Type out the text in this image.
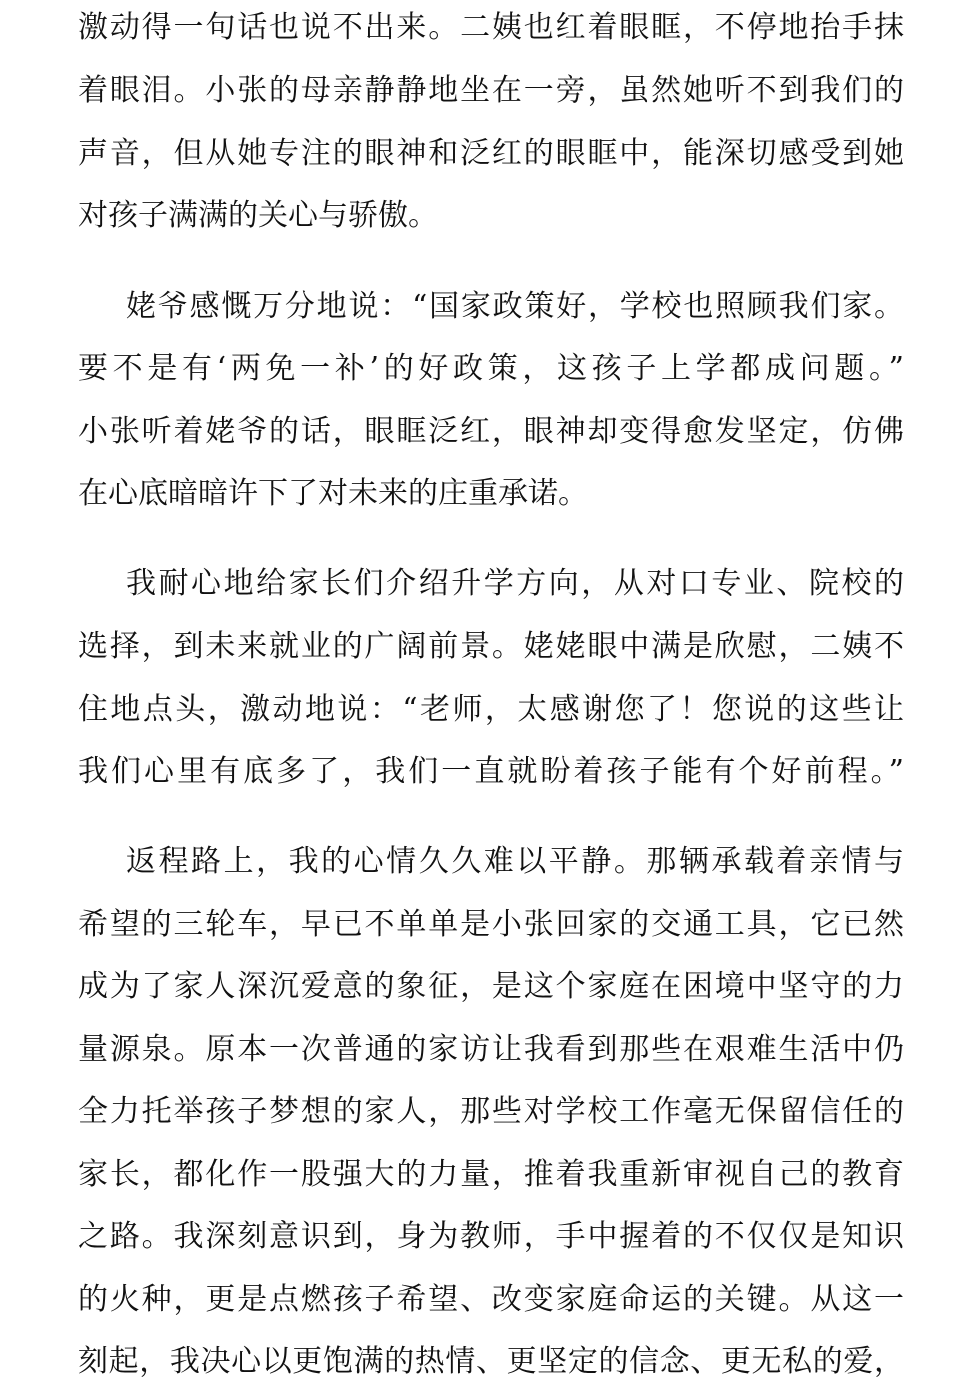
激动得一句话也说不出来。二姨也红着眼眶，不停地抬手抹
着眼泪。小张的母亲静静地坐在一旁，虽然她听不到我们的
声音，但从她专注的眼神和泛红的眼眶中，能深切感受到她
对孩子满满的关心与骄傲。
姥爷感慨万分地说：“国家政策好，学校也照顾我们家。
要不是有‘两免一补’的好政策，这孩子上学都成问题。”
小张听着姥爷的话，眼眶泛红，眼神却变得愈发坚定，仿佛
在心底暗暗许下了对未来的庄重承诺。
我耐心地给家长们介绍升学方向，从对口专业、院校的
选择，到未来就业的广阔前景。姥姥眼中满是欣慰，二姨不
住地点头，激动地说：“老师，太感谢您了！您说的这些让
我们心里有底多了，我们一直就盼着孩子能有个好前程。”
返程路上，我的心情久久难以平静。那辆承载着亲情与
希望的三轮车，早已不单单是小张回家的交通工具，它已然
成为了家人深沉爱意的象征，是这个家庭在困境中坚守的力
量源泉。原本一次普通的家访让我看到那些在艰难生活中仍
全力托举孩子梦想的家人，那些对学校工作毫无保留信任的
家长，都化作一股强大的力量，推着我重新审视自己的教育
之路。我深刻意识到，身为教师，手中握着的不仅仅是知识
的火种，更是点燃孩子希望、改变家庭命运的关键。从这一
刻起，我决心以更饱满的热情、更坚定的信念、更无私的爱，
